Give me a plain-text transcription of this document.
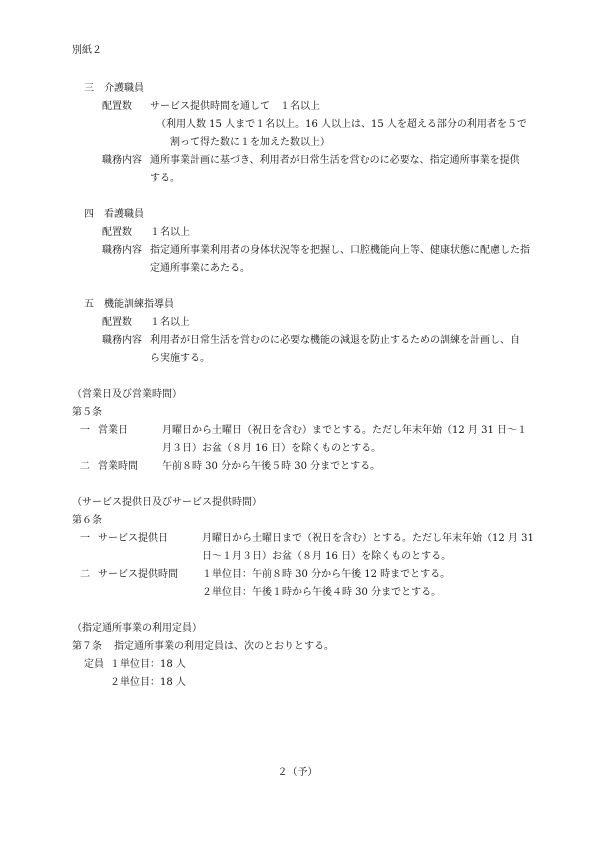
別紙２
三　介護職員
配置数 サービス提供時間を通して　１名以上
（利用人数 15 人まで１名以上。16 人以上は、15 人を超える部分の利用者を５で
割って得た数に１を加えた数以上）
職務内容 通所事業計画に基づき、利用者が日常生活を営むのに必要な、指定通所事業を提供
する。
四　看護職員
配置数 １名以上
職務内容 指定通所事業利用者の身体状況等を把握し、口腔機能向上等、健康状態に配慮した指
定通所事業にあたる。
五　機能訓練指導員
配置数 １名以上
職務内容 利用者が日常生活を営むのに必要な機能の減退を防止するための訓練を計画し、自
ら実施する。
（営業日及び営業時間）
第５条
一 営業日	月曜日から土曜日（祝日を含む）までとする。ただし年末年始（12 月 31 日～１
月３日）お盆（８月 16 日）を除くものとする。
二 営業時間 午前８時 30 分から午後５時 30 分までとする。
（サービス提供日及びサービス提供時間）
第６条
一 サービス提供日	月曜日から土曜日まで（祝日を含む）とする。ただし年末年始（12 月 31
日～１月３日）お盆（８月 16 日）を除くものとする。
二 サービス提供時間 １単位目：午前８時 30 分から午後 12 時までとする。
２単位目：午後１時から午後４時 30 分までとする。
（指定通所事業の利用定員）
第７条 指定通所事業の利用定員は、次のとおりとする。
定員 １単位目：18 人
２単位目：18 人
２（予）
